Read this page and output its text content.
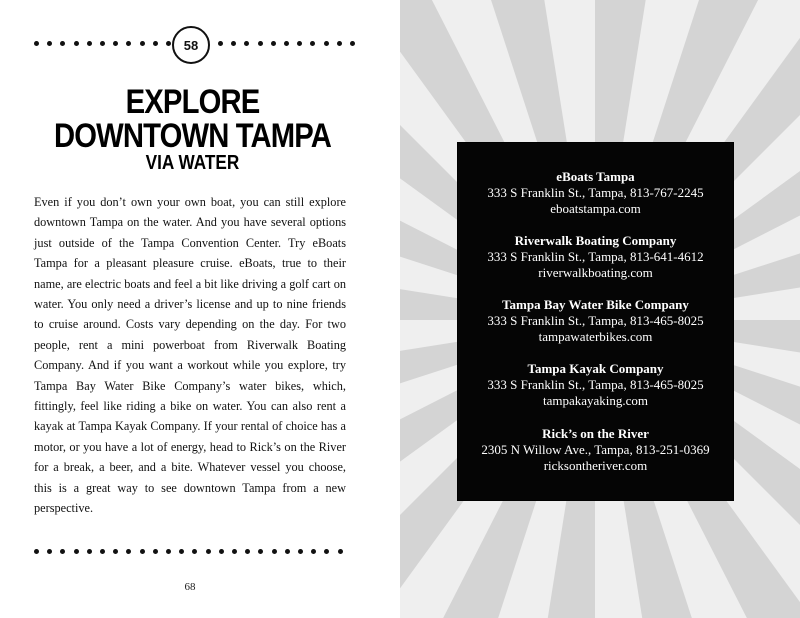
58
EXPLORE
DOWNTOWN TAMPA
VIA WATER

Even if you don’t own your own boat, you can still explore downtown Tampa on the water. And you have several options just outside of the Tampa Convention Center. Try eBoats Tampa for a pleasant pleasure cruise. eBoats, true to their name, are electric boats and feel a bit like driving a golf cart on water. You only need a driver’s license and up to nine friends to cruise around. Costs vary depending on the day. For two people, rent a mini powerboat from Riverwalk Boating Company. And if you want a workout while you explore, try Tampa Bay Water Bike Company’s water bikes, which, fittingly, feel like riding a bike on water. You can also rent a kayak at Tampa Kayak Company. If your rental of choice has a motor, or you have a lot of energy, head to Rick’s on the River for a break, a beer, and a bite. Whatever vessel you choose, this is a great way to see downtown Tampa from a new perspective.

68
eBoats Tampa
333 S Franklin St., Tampa, 813-767-2245
eboatstampa.com
Riverwalk Boating Company
333 S Franklin St., Tampa, 813-641-4612
riverwalkboating.com
Tampa Bay Water Bike Company
333 S Franklin St., Tampa, 813-465-8025
tampawaterbikes.com
Tampa Kayak Company
333 S Franklin St., Tampa, 813-465-8025
tampakayaking.com
Rick’s on the River
2305 N Willow Ave., Tampa, 813-251-0369
ricksontheriver.com
